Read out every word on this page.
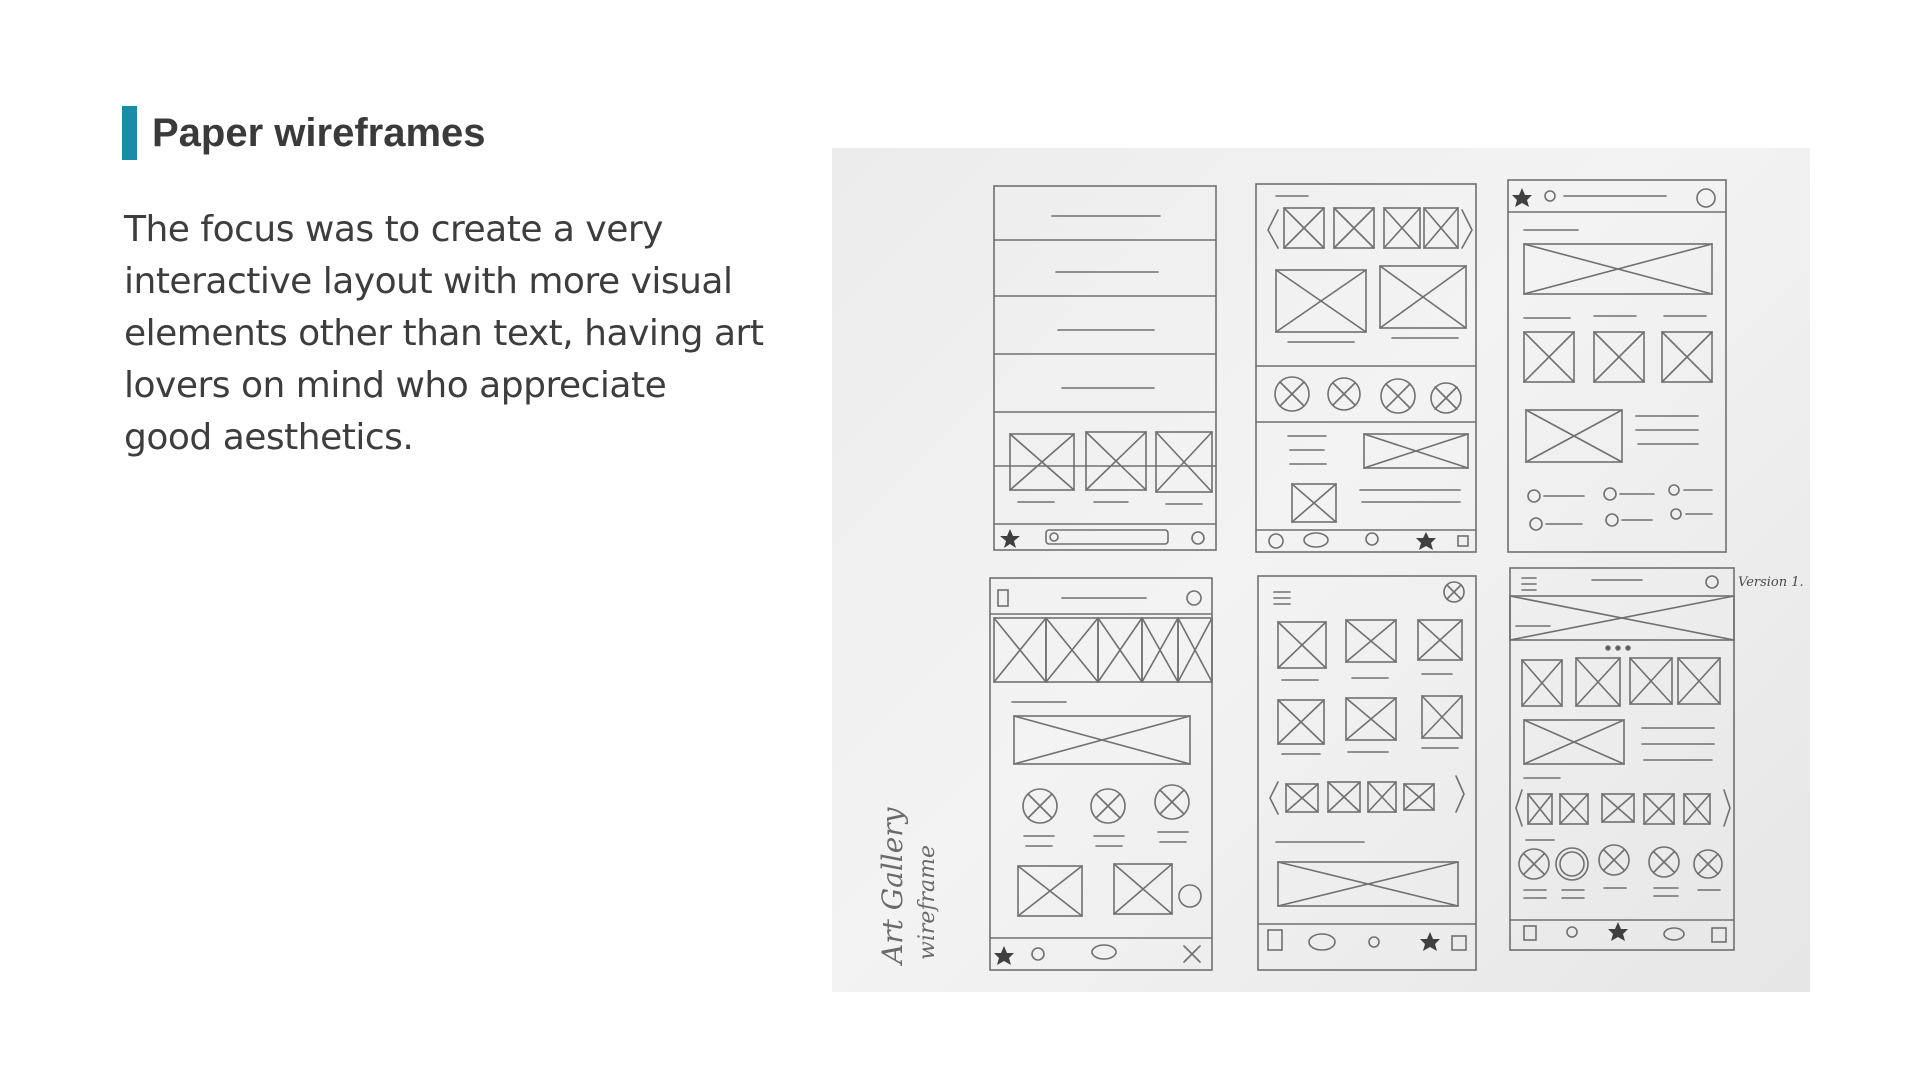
Paper wireframes
The focus was to create a very interactive layout with more visual elements other than text, having art lovers on mind who appreciate good aesthetics.
Version 1.
Art Gallery wireframe
